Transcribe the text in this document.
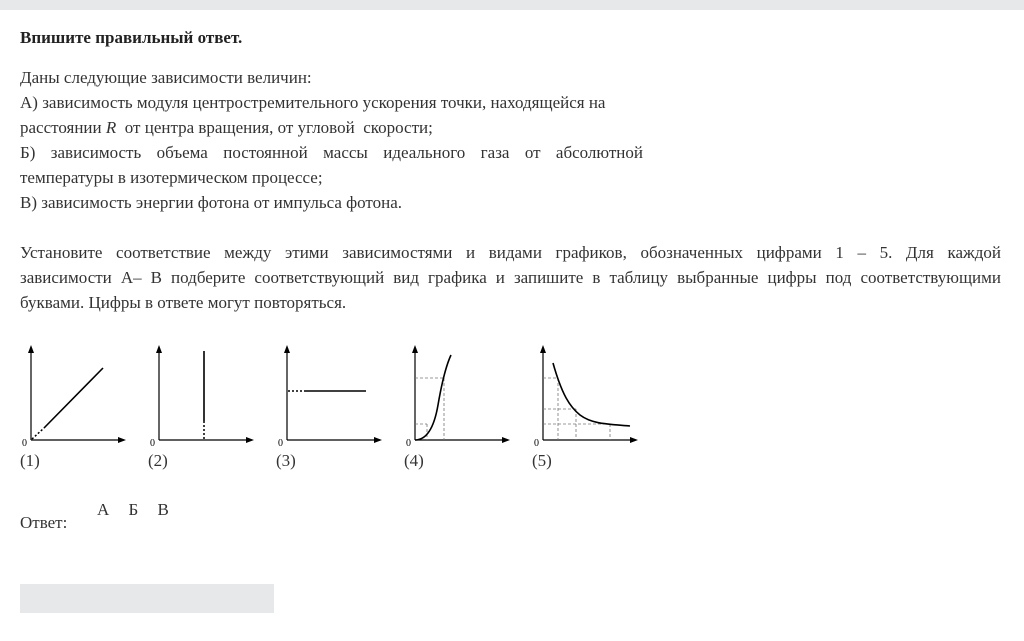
Впишите правильный ответ.
Даны следующие зависимости величин:
А) зависимость модуля центростремительного ускорения точки, находящейся на
расстоянии R  от центра вращения, от угловой  скорости;
Б) зависимость объема постоянной массы идеального газа от абсолютной
температуры в изотермическом процессе;
В) зависимость энергии фотона от импульса фотона.
Установите соответствие между этими зависимостями и видами графиков, обозначенных цифрами 1 – 5. Для каждой
зависимости А– В подберите соответствующий вид графика и запишите в таблицу выбранные цифры под соответствующими
буквами. Цифры в ответе могут повторяться.
0	0	0	0	0
(1)	(2)	(3)	(4)	(5)
Ответ:
А Б В
